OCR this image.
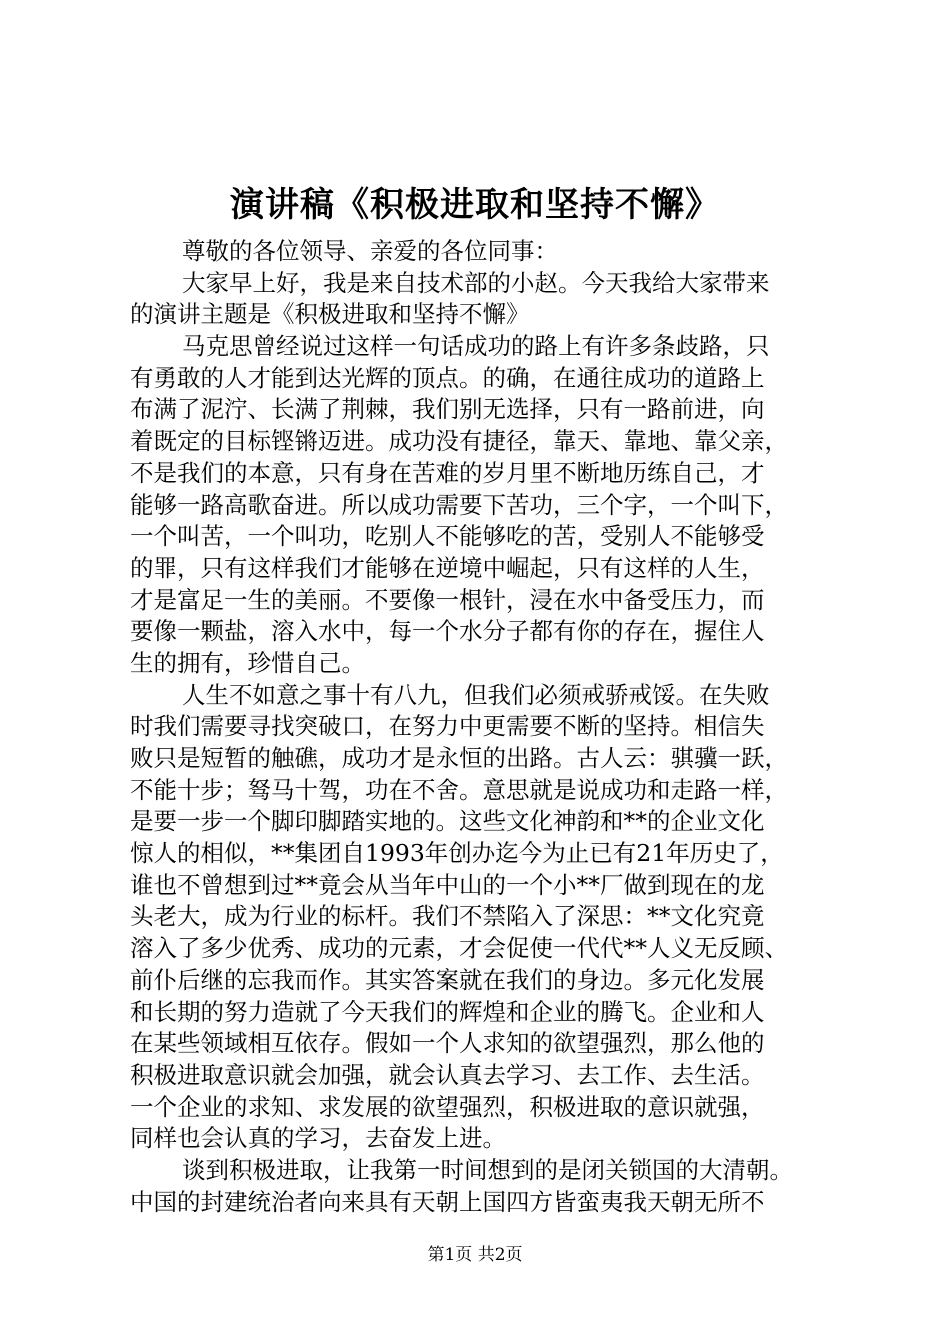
演讲稿《积极进取和坚持不懈》
尊敬的各位领导、亲爱的各位同事：
大家早上好，我是来自技术部的小赵。今天我给大家带来
的演讲主题是《积极进取和坚持不懈》
马克思曾经说过这样一句话成功的路上有许多条歧路，只
有勇敢的人才能到达光辉的顶点。的确，在通往成功的道路上
布满了泥泞、长满了荆棘，我们别无选择，只有一路前进，向
着既定的目标铿锵迈进。成功没有捷径，靠天、靠地、靠父亲，
不是我们的本意，只有身在苦难的岁月里不断地历练自己，才
能够一路高歌奋进。所以成功需要下苦功，三个字，一个叫下，
一个叫苦，一个叫功，吃别人不能够吃的苦，受别人不能够受
的罪，只有这样我们才能够在逆境中崛起，只有这样的人生，
才是富足一生的美丽。不要像一根针，浸在水中备受压力，而
要像一颗盐，溶入水中，每一个水分子都有你的存在，握住人
生的拥有，珍惜自己。
人生不如意之事十有八九，但我们必须戒骄戒馁。在失败
时我们需要寻找突破口，在努力中更需要不断的坚持。相信失
败只是短暂的触礁，成功才是永恒的出路。古人云：骐骥一跃，
不能十步；驽马十驾，功在不舍。意思就是说成功和走路一样，
是要一步一个脚印脚踏实地的。这些文化神韵和**的企业文化
惊人的相似，**集团自1993年创办迄今为止已有21年历史了，
谁也不曾想到过**竟会从当年中山的一个小**厂做到现在的龙
头老大，成为行业的标杆。我们不禁陷入了深思：**文化究竟
溶入了多少优秀、成功的元素，才会促使一代代**人义无反顾、
前仆后继的忘我而作。其实答案就在我们的身边。多元化发展
和长期的努力造就了今天我们的辉煌和企业的腾飞。企业和人
在某些领域相互依存。假如一个人求知的欲望强烈，那么他的
积极进取意识就会加强，就会认真去学习、去工作、去生活。
一个企业的求知、求发展的欲望强烈，积极进取的意识就强，
同样也会认真的学习，去奋发上进。
谈到积极进取，让我第一时间想到的是闭关锁国的大清朝。
中国的封建统治者向来具有天朝上国四方皆蛮夷我天朝无所不
第1页 共2页
